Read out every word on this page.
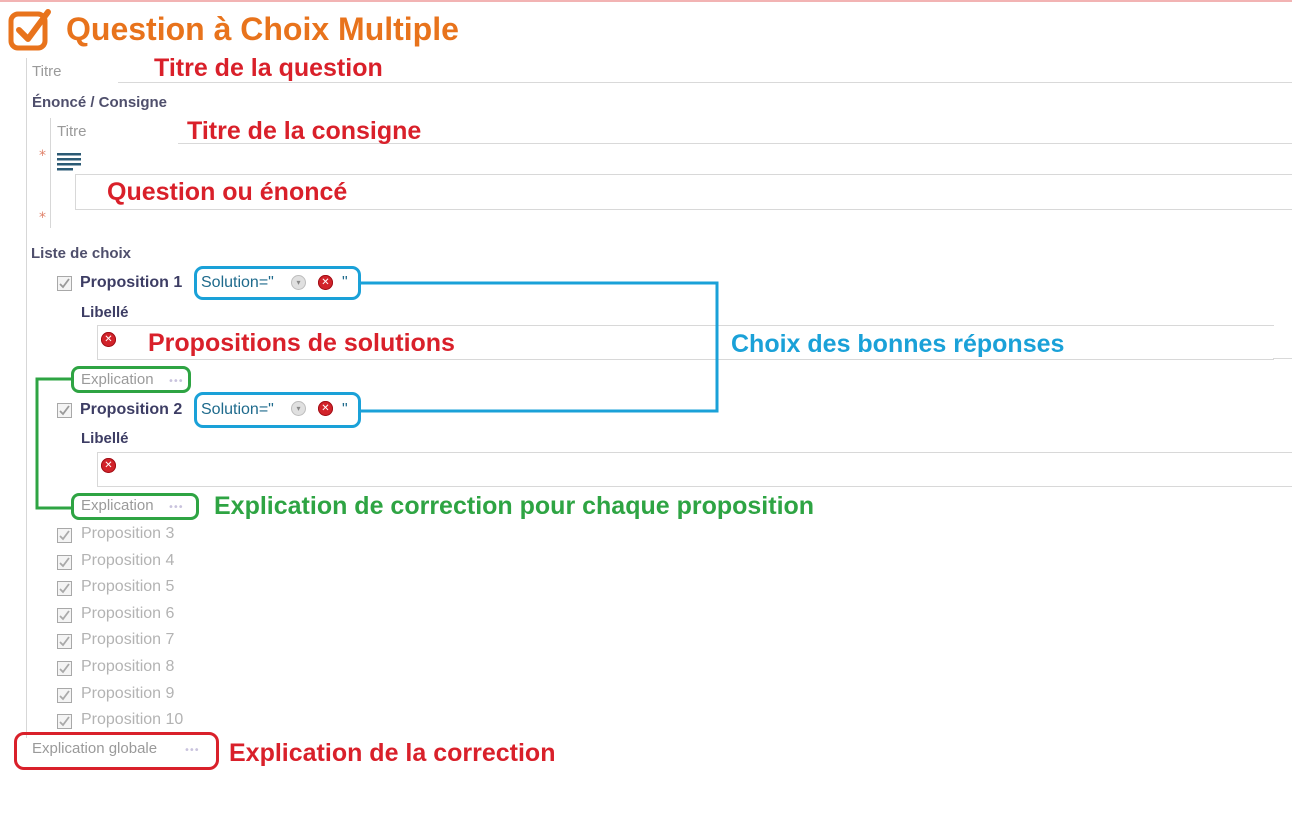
Question à Choix Multiple
Titre	Titre de la question
Énoncé / Consigne
Titre	Titre de la consigne
*
Question ou énoncé
*
Liste de choix
Proposition 1 Solution="	▾	✕ "
Libellé
✕ Propositions de solutions
Explication •••
Proposition 2 Solution="	▾	✕ "
Libellé
✕
Explication ••• Explication de correction pour chaque proposition
Choix des bonnes réponses
Proposition 3
Proposition 4
Proposition 5
Proposition 6
Proposition 7
Proposition 8
Proposition 9
Proposition 10
Explication globale	••• Explication de la correction
